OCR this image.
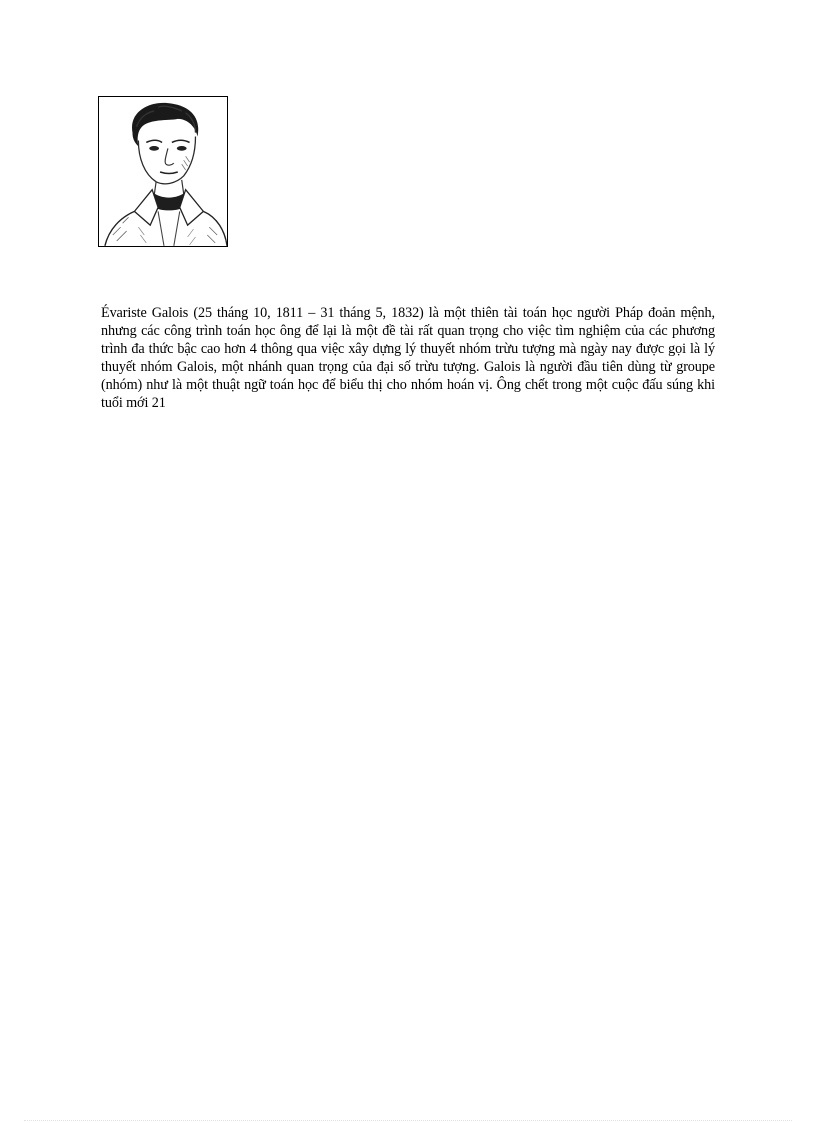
Évariste Galois (25 tháng 10, 1811 – 31 tháng 5, 1832) là một thiên tài toán học người Pháp đoản mệnh, nhưng các công trình toán học ông để lại là một đề tài rất quan trọng cho việc tìm nghiệm của các phương trình đa thức bậc cao hơn 4 thông qua việc xây dựng lý thuyết nhóm trừu tượng mà ngày nay được gọi là lý thuyết nhóm Galois, một nhánh quan trọng của đại số trừu tượng. Galois là người đầu tiên dùng từ groupe (nhóm) như là một thuật ngữ toán học để biểu thị cho nhóm hoán vị. Ông chết trong một cuộc đấu súng khi tuổi mới 21
